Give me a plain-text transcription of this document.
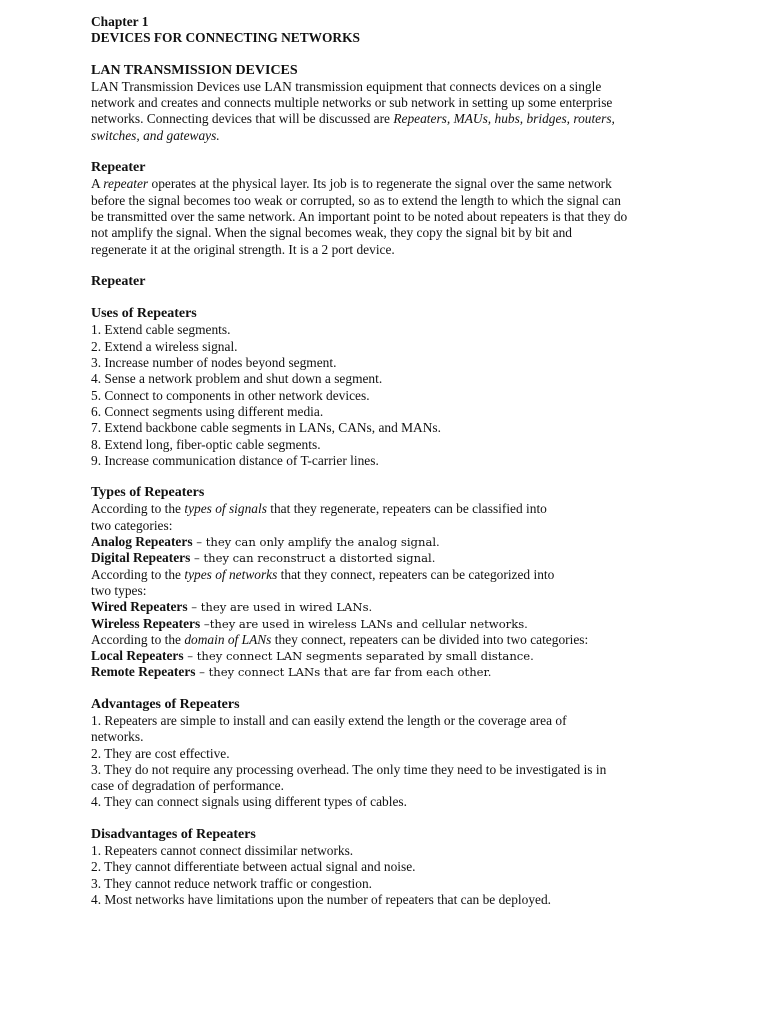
Chapter 1
DEVICES FOR CONNECTING NETWORKS
LAN TRANSMISSION DEVICES

LAN Transmission Devices use LAN transmission equipment that connects devices on a single network and creates and connects multiple networks or sub network in setting up some enterprise networks. Connecting devices that will be discussed are Repeaters, MAUs, hubs, bridges, routers, switches, and gateways.

Repeater

A repeater operates at the physical layer. Its job is to regenerate the signal over the same network before the signal becomes too weak or corrupted, so as to extend the length to which the signal can be transmitted over the same network. An important point to be noted about repeaters is that they do not amplify the signal. When the signal becomes weak, they copy the signal bit by bit and regenerate it at the original strength. It is a 2 port device.

Repeater
Uses of Repeaters
1. Extend cable segments.
2. Extend a wireless signal.
3. Increase number of nodes beyond segment.
4. Sense a network problem and shut down a segment.
5. Connect to components in other network devices.
6. Connect segments using different media.
7. Extend backbone cable segments in LANs, CANs, and MANs.
8. Extend long, fiber-optic cable segments.
9. Increase communication distance of T-carrier lines.
Types of Repeaters

According to the types of signals that they regenerate, repeaters can be classified into two categories:

Analog Repeaters – they can only amplify the analog signal.

Digital Repeaters – they can reconstruct a distorted signal.

According to the types of networks that they connect, repeaters can be categorized into two types:

Wired Repeaters – they are used in wired LANs.

Wireless Repeaters –they are used in wireless LANs and cellular networks.

According to the domain of LANs they connect, repeaters can be divided into two categories:

Local Repeaters – they connect LAN segments separated by small distance.

Remote Repeaters – they connect LANs that are far from each other.

Advantages of Repeaters
1. Repeaters are simple to install and can easily extend the length or the coverage area of networks.
2. They are cost effective.
3. They do not require any processing overhead. The only time they need to be investigated is in case of degradation of performance.
4. They can connect signals using different types of cables.
Disadvantages of Repeaters
1. Repeaters cannot connect dissimilar networks.
2. They cannot differentiate between actual signal and noise.
3. They cannot reduce network traffic or congestion.
4. Most networks have limitations upon the number of repeaters that can be deployed.
